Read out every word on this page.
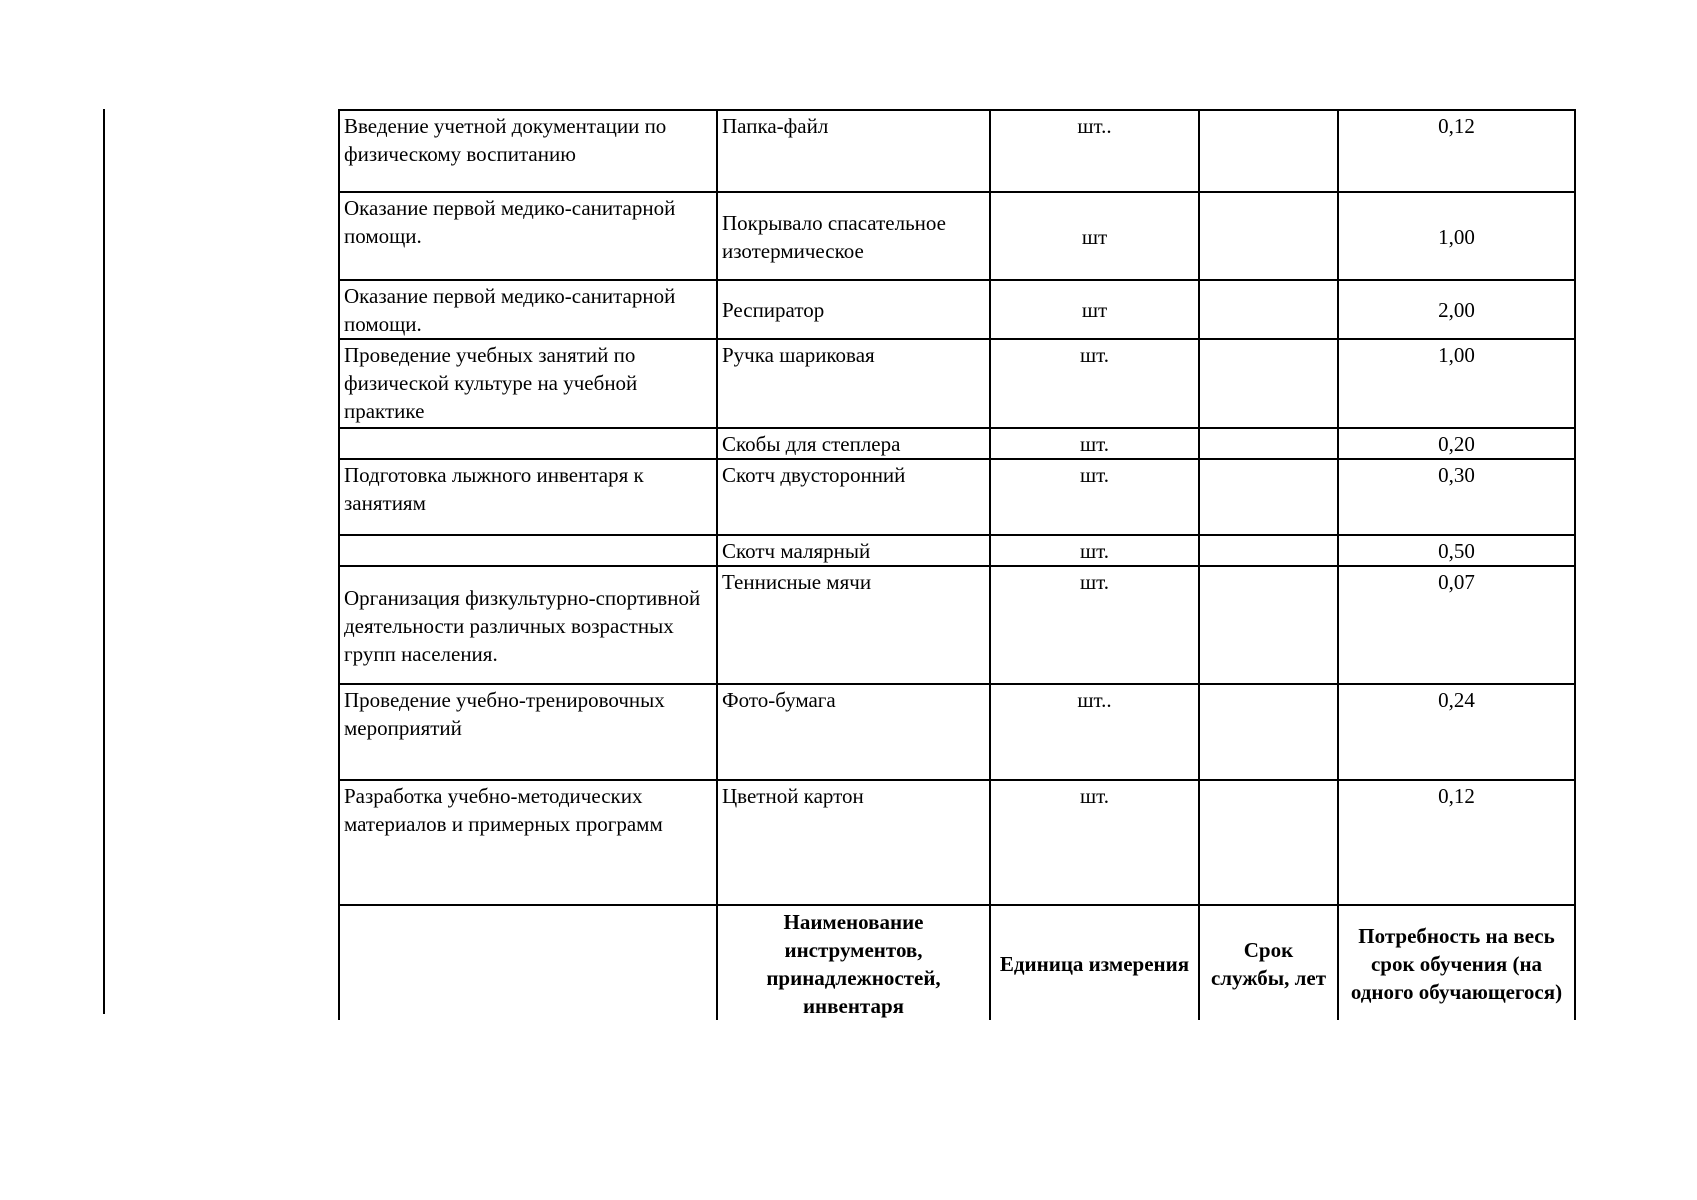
Введение учетной документации по физическому воспитанию	Папка-файл	шт..		0,12
Оказание первой медико-санитарной помощи.	Покрывало спасательное изотермическое	шт		1,00
Оказание первой медико-санитарной помощи.	Респиратор	шт		2,00
Проведение учебных занятий по физической культуре на учебной практике	Ручка шариковая	шт.		1,00
	Скобы для степлера	шт.		0,20
Подготовка лыжного инвентаря к занятиям	Скотч двусторонний	шт.		0,30
	Скотч малярный	шт.		0,50
Организация физкультурно-спортивной деятельности различных возрастных групп населения.	Теннисные мячи	шт.		0,07
Проведение учебно-тренировочных мероприятий	Фото-бумага	шт..		0,24
Разработка учебно-методических материалов и примерных программ	Цветной картон	шт.		0,12
	Наименование инструментов, принадлежностей, инвентаря	Единица измерения	Срок службы, лет	Потребность на весь срок обучения (на одного обучающегося)
